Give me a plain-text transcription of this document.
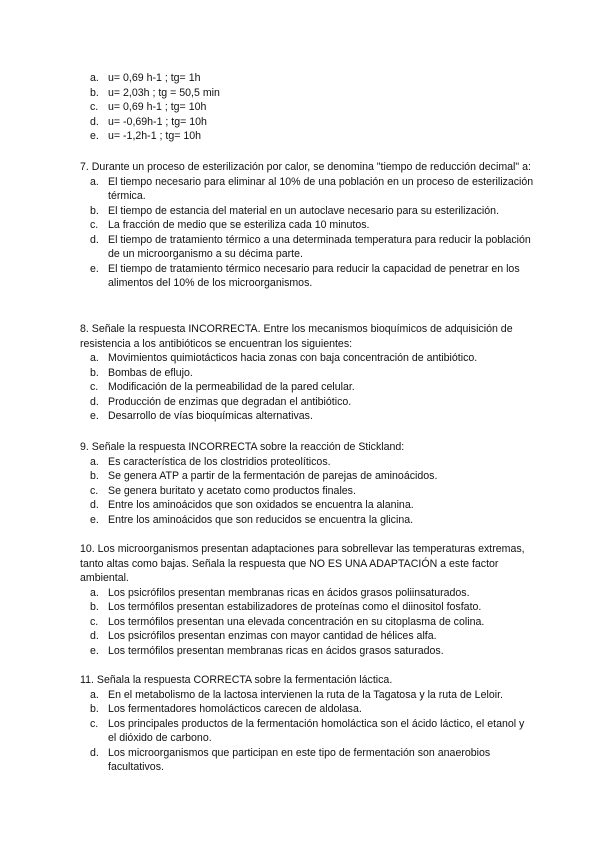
a. u= 0,69 h-1 ; tg= 1h
b. u= 2,03h ; tg = 50,5 min
c. u= 0,69 h-1 ; tg= 10h
d. u= -0,69h-1 ; tg= 10h
e. u= -1,2h-1 ; tg= 10h

7. Durante un proceso de esterilización por calor, se denomina "tiempo de reducción decimal" a:

a. El tiempo necesario para eliminar al 10% de una población en un proceso de esterilización térmica.
b. El tiempo de estancia del material en un autoclave necesario para su esterilización.
c. La fracción de medio que se esteriliza cada 10 minutos.
d. El tiempo de tratamiento térmico a una determinada temperatura para reducir la población de un microorganismo a su décima parte.
e. El tiempo de tratamiento térmico necesario para reducir la capacidad de penetrar en los alimentos del 10% de los microorganismos.

8. Señale la respuesta INCORRECTA. Entre los mecanismos bioquímicos de adquisición de resistencia a los antibióticos se encuentran los siguientes:

a. Movimientos quimiotácticos hacia zonas con baja concentración de antibiótico.
b. Bombas de eflujo.
c. Modificación de la permeabilidad de la pared celular.
d. Producción de enzimas que degradan el antibiótico.
e. Desarrollo de vías bioquímicas alternativas.

9. Señale la respuesta INCORRECTA sobre la reacción de Stickland:

a. Es característica de los clostridios proteolíticos.
b. Se genera ATP a partir de la fermentación de parejas de aminoácidos.
c. Se genera buritato y acetato como productos finales.
d. Entre los aminoácidos que son oxidados se encuentra la alanina.
e. Entre los aminoácidos que son reducidos se encuentra la glicina.

10. Los microorganismos presentan adaptaciones para sobrellevar las temperaturas extremas, tanto altas como bajas. Señala la respuesta que NO ES UNA ADAPTACIÓN a este factor ambiental.

a. Los psicrófilos presentan membranas ricas en ácidos grasos poliinsaturados.
b. Los termófilos presentan estabilizadores de proteínas como el diinositol fosfato.
c. Los termófilos presentan una elevada concentración en su citoplasma de colina.
d. Los psicrófilos presentan enzimas con mayor cantidad de hélices alfa.
e. Los termófilos presentan membranas ricas en ácidos grasos saturados.

11. Señala la respuesta CORRECTA sobre la fermentación láctica.

a. En el metabolismo de la lactosa intervienen la ruta de la Tagatosa y la ruta de Leloir.
b. Los fermentadores homolácticos carecen de aldolasa.
c. Los principales productos de la fermentación homoláctica son el ácido láctico, el etanol y el dióxido de carbono.
d. Los microorganismos que participan en este tipo de fermentación son anaerobios facultativos.
